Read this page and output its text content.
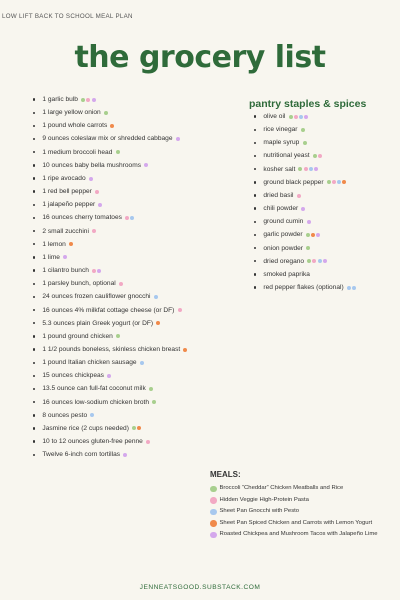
LOW LIFT BACK TO SCHOOL MEAL PLAN
the grocery list
1 garlic bulb
1 large yellow onion
1 pound whole carrots
9 ounces coleslaw mix or shredded cabbage
1 medium broccoli head
10 ounces baby bella mushrooms
1 ripe avocado
1 red bell pepper
1 jalapeño pepper
16 ounces cherry tomatoes
2 small zucchini
1 lemon
1 lime
1 cilantro bunch
1 parsley bunch, optional
24 ounces frozen cauliflower gnocchi
16 ounces 4% milkfat cottage cheese (or DF)
5.3 ounces plain Greek yogurt (or DF)
1 pound ground chicken
1 1/2 pounds boneless, skinless chicken breast
1 pound Italian chicken sausage
15 ounces chickpeas
13.5 ounce can full-fat coconut milk
16 ounces low-sodium chicken broth
8 ounces pesto
Jasmine rice (2 cups needed)
10 to 12 ounces gluten-free penne
Twelve 6-inch corn tortillas
pantry staples & spices
olive oil
rice vinegar
maple syrup
nutritional yeast
kosher salt
ground black pepper
dried basil
chili powder
ground cumin
garlic powder
onion powder
dried oregano
smoked paprika
red pepper flakes (optional)
MEALS:
Broccoli “Cheddar” Chicken Meatballs and Rice
Hidden Veggie High-Protein Pasta
Sheet Pan Gnocchi with Pesto
Sheet Pan Spiced Chicken and Carrots with Lemon Yogurt
Roasted Chickpea and Mushroom Tacos with Jalapeño Lime
JENNEATSGOOD.SUBSTACK.COM
